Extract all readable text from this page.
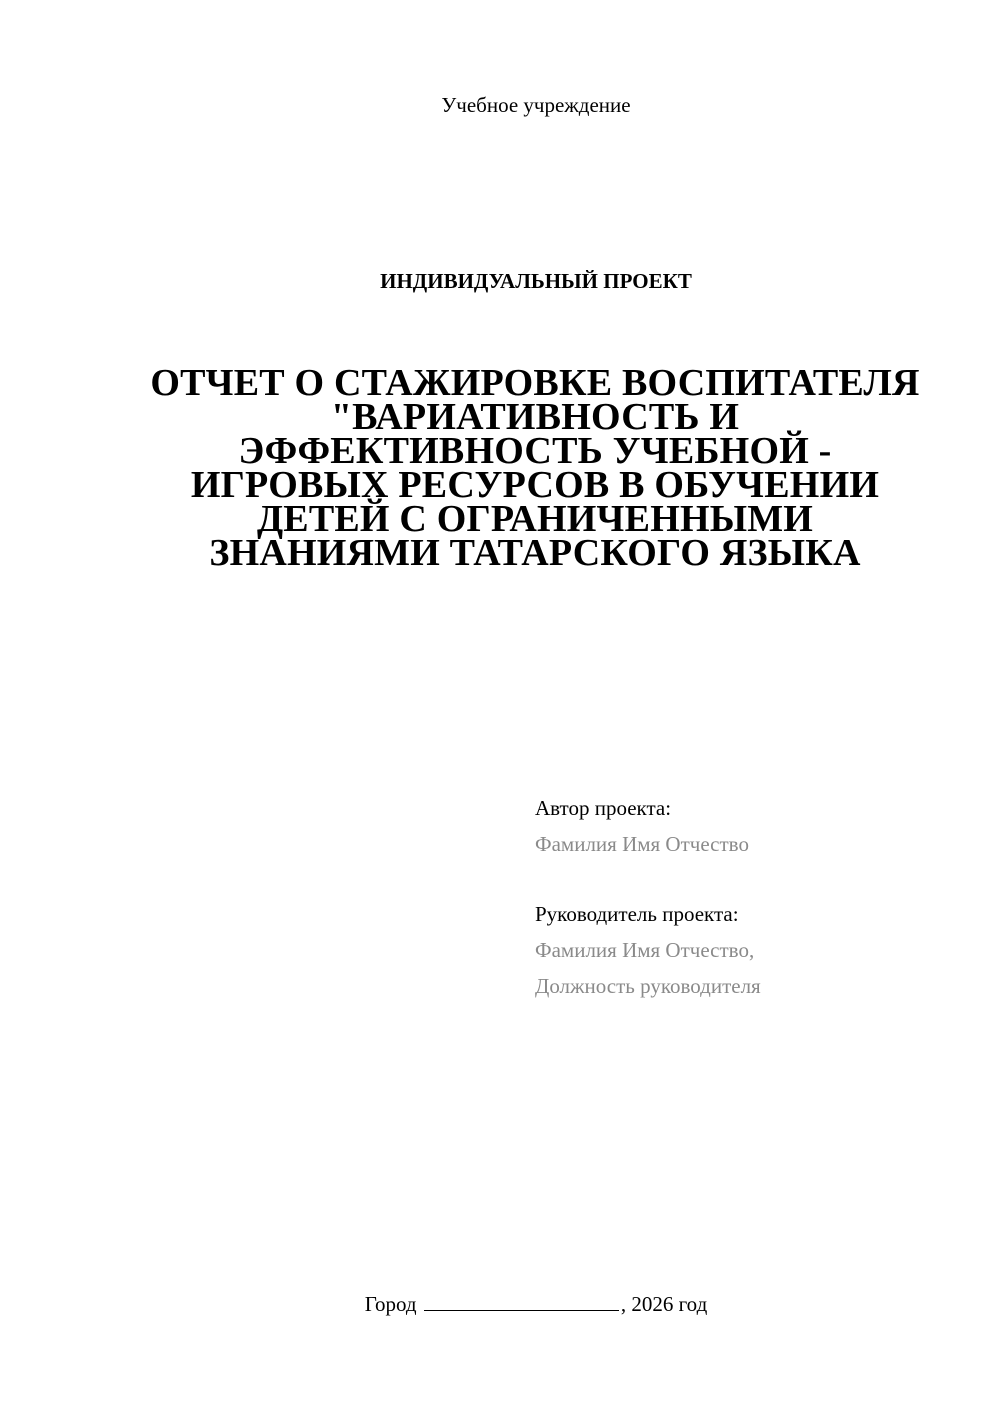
Учебное учреждение
ИНДИВИДУАЛЬНЫЙ ПРОЕКТ
ОТЧЕТ О СТАЖИРОВКЕ ВОСПИТАТЕЛЯ
"ВАРИАТИВНОСТЬ И
ЭФФЕКТИВНОСТЬ УЧЕБНОЙ -
ИГРОВЫХ РЕСУРСОВ В ОБУЧЕНИИ
ДЕТЕЙ С ОГРАНИЧЕННЫМИ
ЗНАНИЯМИ ТАТАРСКОГО ЯЗЫКА
Автор проекта:
Фамилия Имя Отчество
Руководитель проекта:
Фамилия Имя Отчество,
Должность руководителя
Город	, 2026 год
